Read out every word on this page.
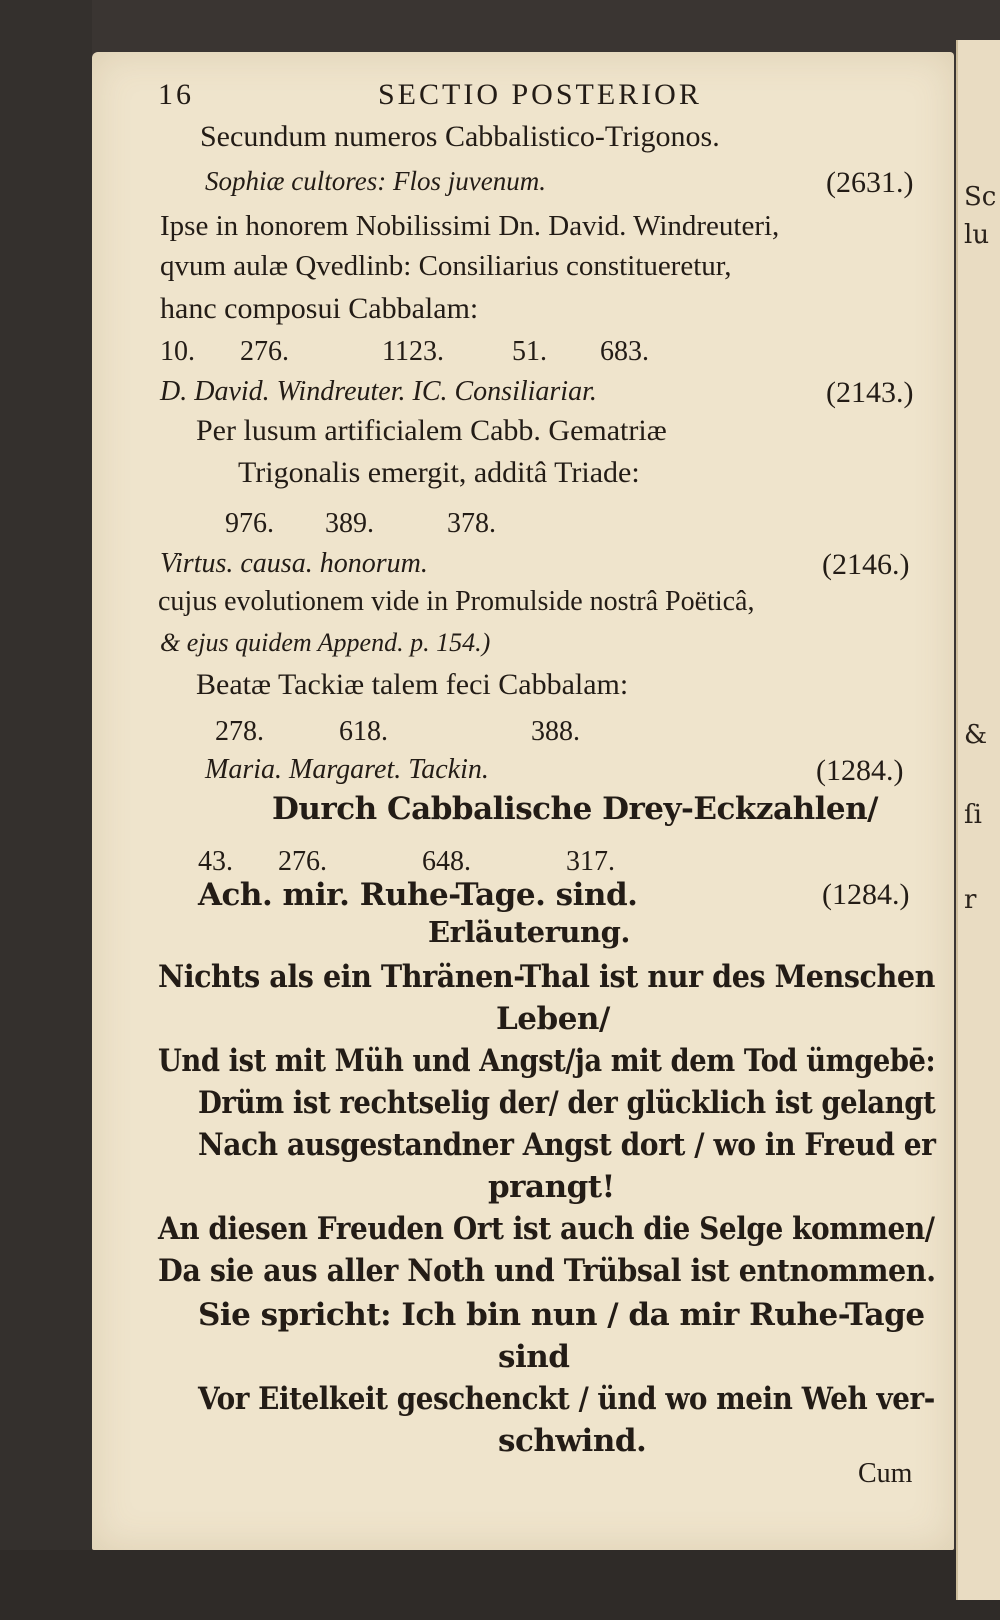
Sc
lu
&
ſi
r
16	SECTIO POSTERIOR
Secundum numeros Cabbalistico-Trigonos.
Sophiæ cultores: Flos juvenum.	(2631.)
Ipse in honorem Nobilissimi Dn. David. Windreuteri,
qvum aulæ Qvedlinb: Consiliarius constitueretur,
hanc composui Cabbalam:
10. 276.	1123. 51. 683.
D. David. Windreuter. IC. Consiliariar.	(2143.)
Per lusum artificialem Cabb. Gematriæ
Trigonalis emergit, additâ Triade:
976. 389.	378.
Virtus. causa. honorum.	(2146.)
cujus evolutionem vide in Promulside nostrâ Poëticâ,
& ejus quidem Append. p. 154.)
Beatæ Tackiæ talem feci Cabbalam:
278.	618.	388.
Maria. Margaret. Tackin.	(1284.)
Durch Cabbalische Drey-Eckzahlen/
43. 276.	648.	317.
Ach. mir. Ruhe-Tage. sind.	(1284.)
Erläuterung.
Nichts als ein Thränen-Thal ist nur des Menschen
Leben/
Und ist mit Müh und Angst/ja mit dem Tod ümgebē:
Drüm ist rechtselig der/ der glücklich ist gelangt
Nach ausgestandner Angst dort / wo in Freud er
prangt!
An diesen Freuden Ort ist auch die Selge kommen/
Da sie aus aller Noth und Trübsal ist entnommen.
Sie spricht: Ich bin nun / da mir Ruhe-Tage
sind
Vor Eitelkeit geschenckt / ünd wo mein Weh ver-
schwind.
Cum
